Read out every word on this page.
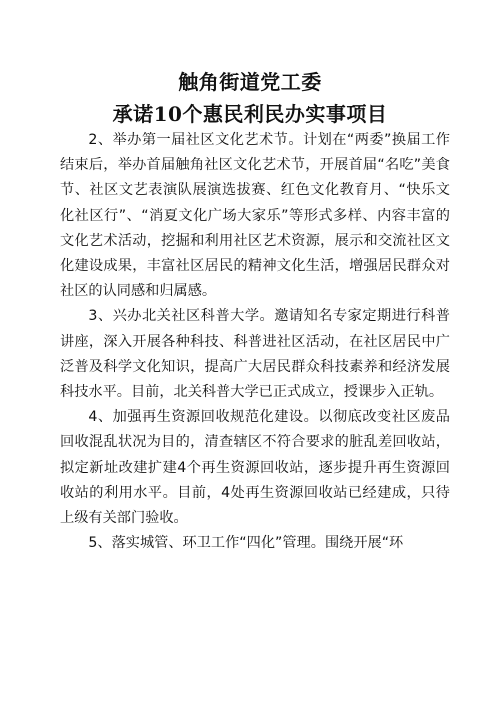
触角街道党工委
承诺10个惠民利民办实事项目

2、举办第一届社区文化艺术节。计划在“两委”换届工作结束后，举办首届触角社区文化艺术节，开展首届“名吃”美食节、社区文艺表演队展演选拔赛、红色文化教育月、“快乐文化社区行”、“消夏文化广场大家乐”等形式多样、内容丰富的文化艺术活动，挖掘和利用社区艺术资源，展示和交流社区文化建设成果，丰富社区居民的精神文化生活，增强居民群众对社区的认同感和归属感。

3、兴办北关社区科普大学。邀请知名专家定期进行科普讲座，深入开展各种科技、科普进社区活动，在社区居民中广泛普及科学文化知识，提高广大居民群众科技素养和经济发展科技水平。目前，北关科普大学已正式成立，授课步入正轨。

4、加强再生资源回收规范化建设。以彻底改变社区废品回收混乱状况为目的，清查辖区不符合要求的脏乱差回收站，拟定新址改建扩建4个再生资源回收站，逐步提升再生资源回收站的利用水平。目前，4处再生资源回收站已经建成，只待上级有关部门验收。

5、落实城管、环卫工作“四化”管理。围绕开展“环
